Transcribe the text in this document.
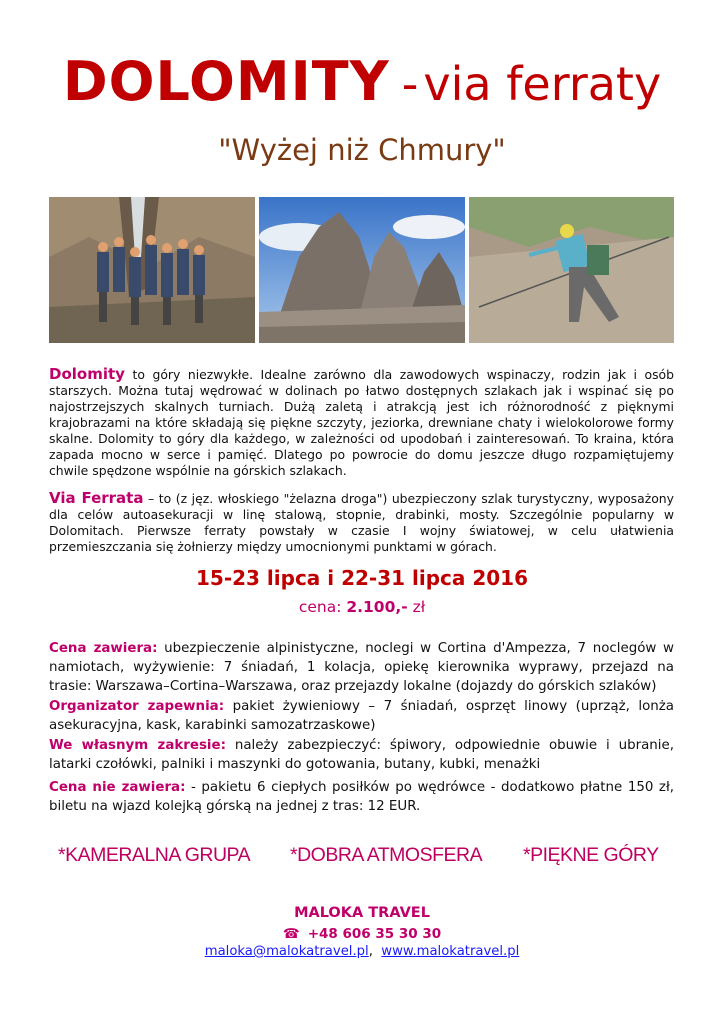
DOLOMITY - via ferraty
"Wyżej niż Chmury"
Dolomity to góry niezwykłe. Idealne zarówno dla zawodowych wspinaczy, rodzin jak i osób starszych. Można tutaj wędrować w dolinach po łatwo dostępnych szlakach jak i wspinać się po najostrzejszych skalnych turniach. Dużą zaletą i atrakcją jest ich różnorodność z pięknymi krajobrazami na które składają się piękne szczyty, jeziorka, drewniane chaty i wielokolorowe formy skalne. Dolomity to góry dla każdego, w zależności od upodobań i zainteresowań. To kraina, która zapada mocno w serce i pamięć. Dlatego po powrocie do domu jeszcze długo rozpamiętujemy chwile spędzone wspólnie na górskich szlakach.
Via Ferrata – to (z jęz. włoskiego "żelazna droga") ubezpieczony szlak turystyczny, wyposażony dla celów autoasekuracji w linę stalową, stopnie, drabinki, mosty. Szczególnie popularny w Dolomitach. Pierwsze ferraty powstały w czasie I wojny światowej, w celu ułatwienia przemieszczania się żołnierzy między umocnionymi punktami w górach.
15-23 lipca i 22-31 lipca 2016
cena: 2.100,- zł
Cena zawiera: ubezpieczenie alpinistyczne, noclegi w Cortina d'Ampezza, 7 noclegów w namiotach, wyżywienie: 7 śniadań, 1 kolacja, opiekę kierownika wyprawy, przejazd na trasie: Warszawa–Cortina–Warszawa, oraz przejazdy lokalne (dojazdy do górskich szlaków)
Organizator zapewnia: pakiet żywieniowy – 7 śniadań, osprzęt linowy (uprząż, lonża asekuracyjna, kask, karabinki samozatrzaskowe)
We własnym zakresie: należy zabezpieczyć: śpiwory, odpowiednie obuwie i ubranie, latarki czołówki, palniki i maszynki do gotowania, butany, kubki, menażki
Cena nie zawiera: - pakietu 6 ciepłych posiłków po wędrówce - dodatkowo płatne 150 zł, biletu na wjazd kolejką górską na jednej z tras: 12 EUR.
*KAMERALNA GRUPA *DOBRA ATMOSFERA *PIĘKNE GÓRY
MALOKA TRAVEL
☎ +48 606 35 30 30
maloka@malokatravel.pl, www.malokatravel.pl
